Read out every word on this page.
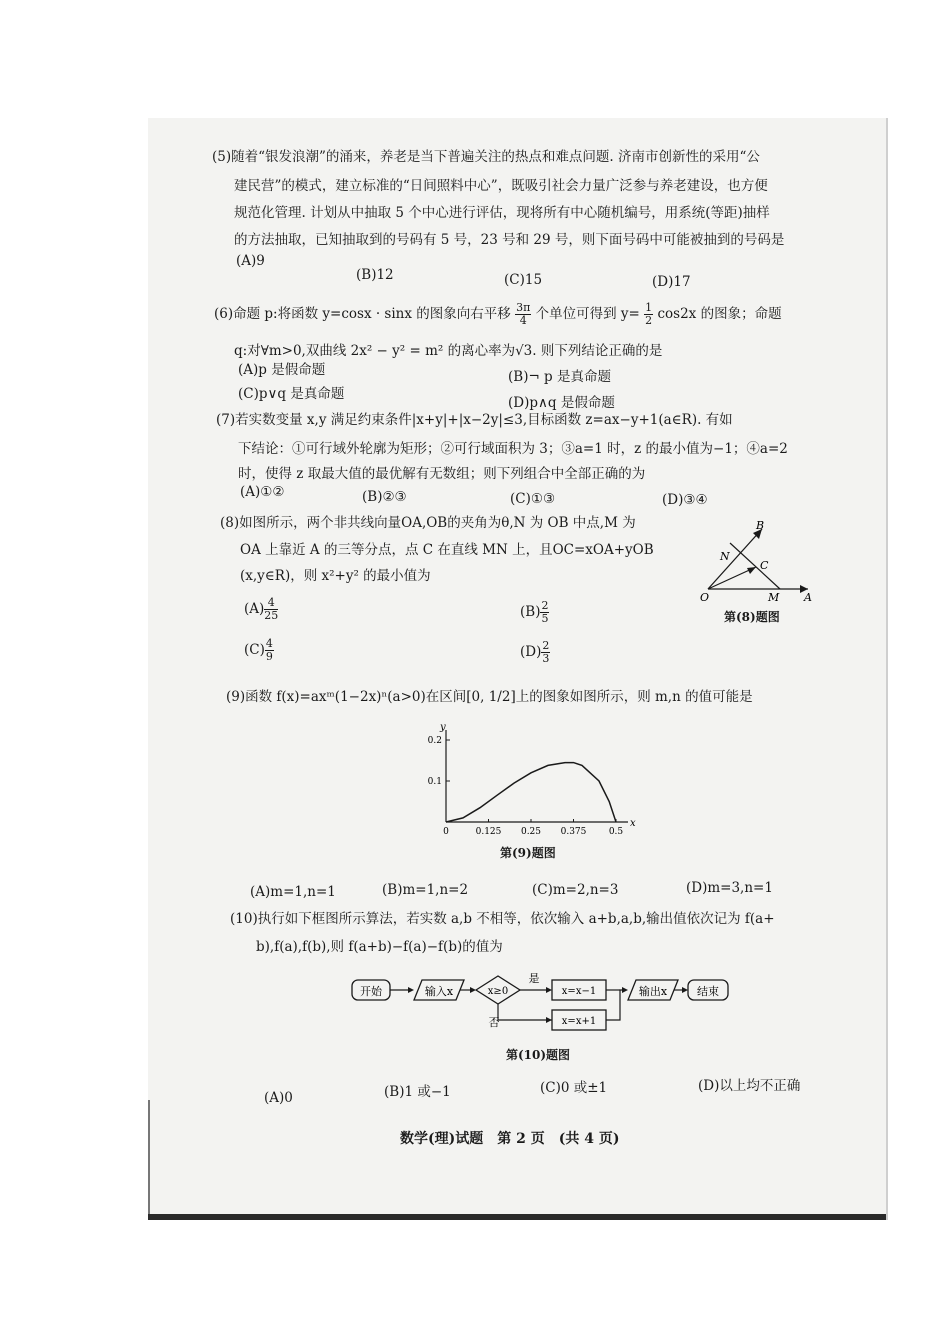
(5)随着“银发浪潮”的涌来，养老是当下普遍关注的热点和难点问题. 济南市创新性的采用“公
建民营”的模式，建立标准的“日间照料中心”，既吸引社会力量广泛参与养老建设，也方便
规范化管理. 计划从中抽取 5 个中心进行评估，现将所有中心随机编号，用系统(等距)抽样
的方法抽取，已知抽取到的号码有 5 号，23 号和 29 号，则下面号码中可能被抽到的号码是
(A)9
(B)12	(C)15	(D)17
(6)命题 p:将函数 y=cosx · sinx 的图象向右平移 $\frac{3\pi}{4}$ 个单位可得到 $y= \frac{1}{2} \cos 2x$ 的图象；命题
q:对∀m>0,双曲线 2x² − y² = m² 的离心率为√3. 则下列结论正确的是
(A)p 是假命题	(B)¬ p 是真命题
(C)p∨q 是真命题
(D)p∧q 是假命题
(7)若实数变量 x,y 满足约束条件|x+y|+|x−2y|≤3,目标函数 z=ax−y+1(a∈R). 有如
下结论：①可行域外轮廓为矩形；②可行域面积为 3；③a=1 时，z 的最小值为−1；④a=2
时，使得 z 取最大值的最优解有无数组；则下列组合中全部正确的为
(A)①②	(B)②③	(C)①③	(D)③④
(8)如图所示，两个非共线向量OA,OB的夹角为θ,N 为 OB 中点,M 为
OA 上靠近 A 的三等分点，点 C 在直线 MN 上，且OC=xOA+yOB
(x,y∈R)，则 x²+y² 的最小值为
$(A) \frac{4}{25}$	$(B) \frac{2}{5}$
$(C) \frac{4}{9}$	$(D) \frac{2}{3}$
B
N
C
O	M A
第(8)题图
(9)函数 f(x)=axᵐ(1−2x)ⁿ(a>0)在区间[0, 1/2]上的图象如图所示，则 m,n 的值可能是
x
y
0	0.125 0.25 0.375 0.5
0.1
0.2
第(9)题图
(A)m=1,n=1	(B)m=1,n=2	(C)m=2,n=3	(D)m=3,n=1
(10)执行如下框图所示算法，若实数 a,b 不相等，依次输入 a+b,a,b,输出值依次记为 f(a+
b),f(a),f(b),则 f(a+b)−f(a)−f(b)的值为
开始	输入x	x≥0
是
x=x−1
否	x=x+1
输出x	结束
第(10)题图
(A)0	(B)1 或−1	(C)0 或±1	(D)以上均不正确
数学(理)试题　第 2 页　(共 4 页)
